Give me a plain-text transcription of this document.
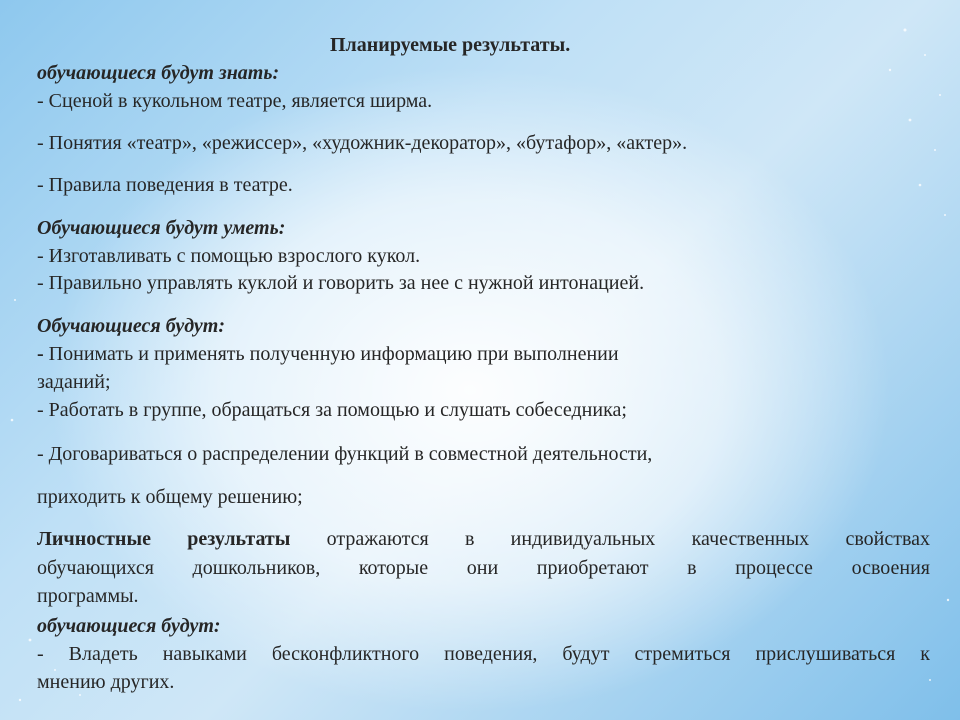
Планируемые результаты.
обучающиеся будут знать:
- Сценой в кукольном театре, является ширма.
- Понятия «театр», «режиссер», «художник-декоратор», «бутафор», «актер».
- Правила поведения в театре.
Обучающиеся будут уметь:
- Изготавливать с помощью взрослого кукол.
- Правильно управлять куклой и говорить за нее с нужной интонацией.
Обучающиеся будут:
- Понимать и применять полученную информацию при выполнении
заданий;
- Работать в группе, обращаться за помощью и слушать собеседника;
- Договариваться о распределении функций в совместной деятельности,
приходить к общему решению;
Личностные результаты отражаются в индивидуальных качественных свойствах
обучающихся дошкольников, которые они приобретают в процессе освоения
программы.
обучающиеся будут:
- Владеть навыками бесконфликтного поведения, будут стремиться прислушиваться к
мнению других.
